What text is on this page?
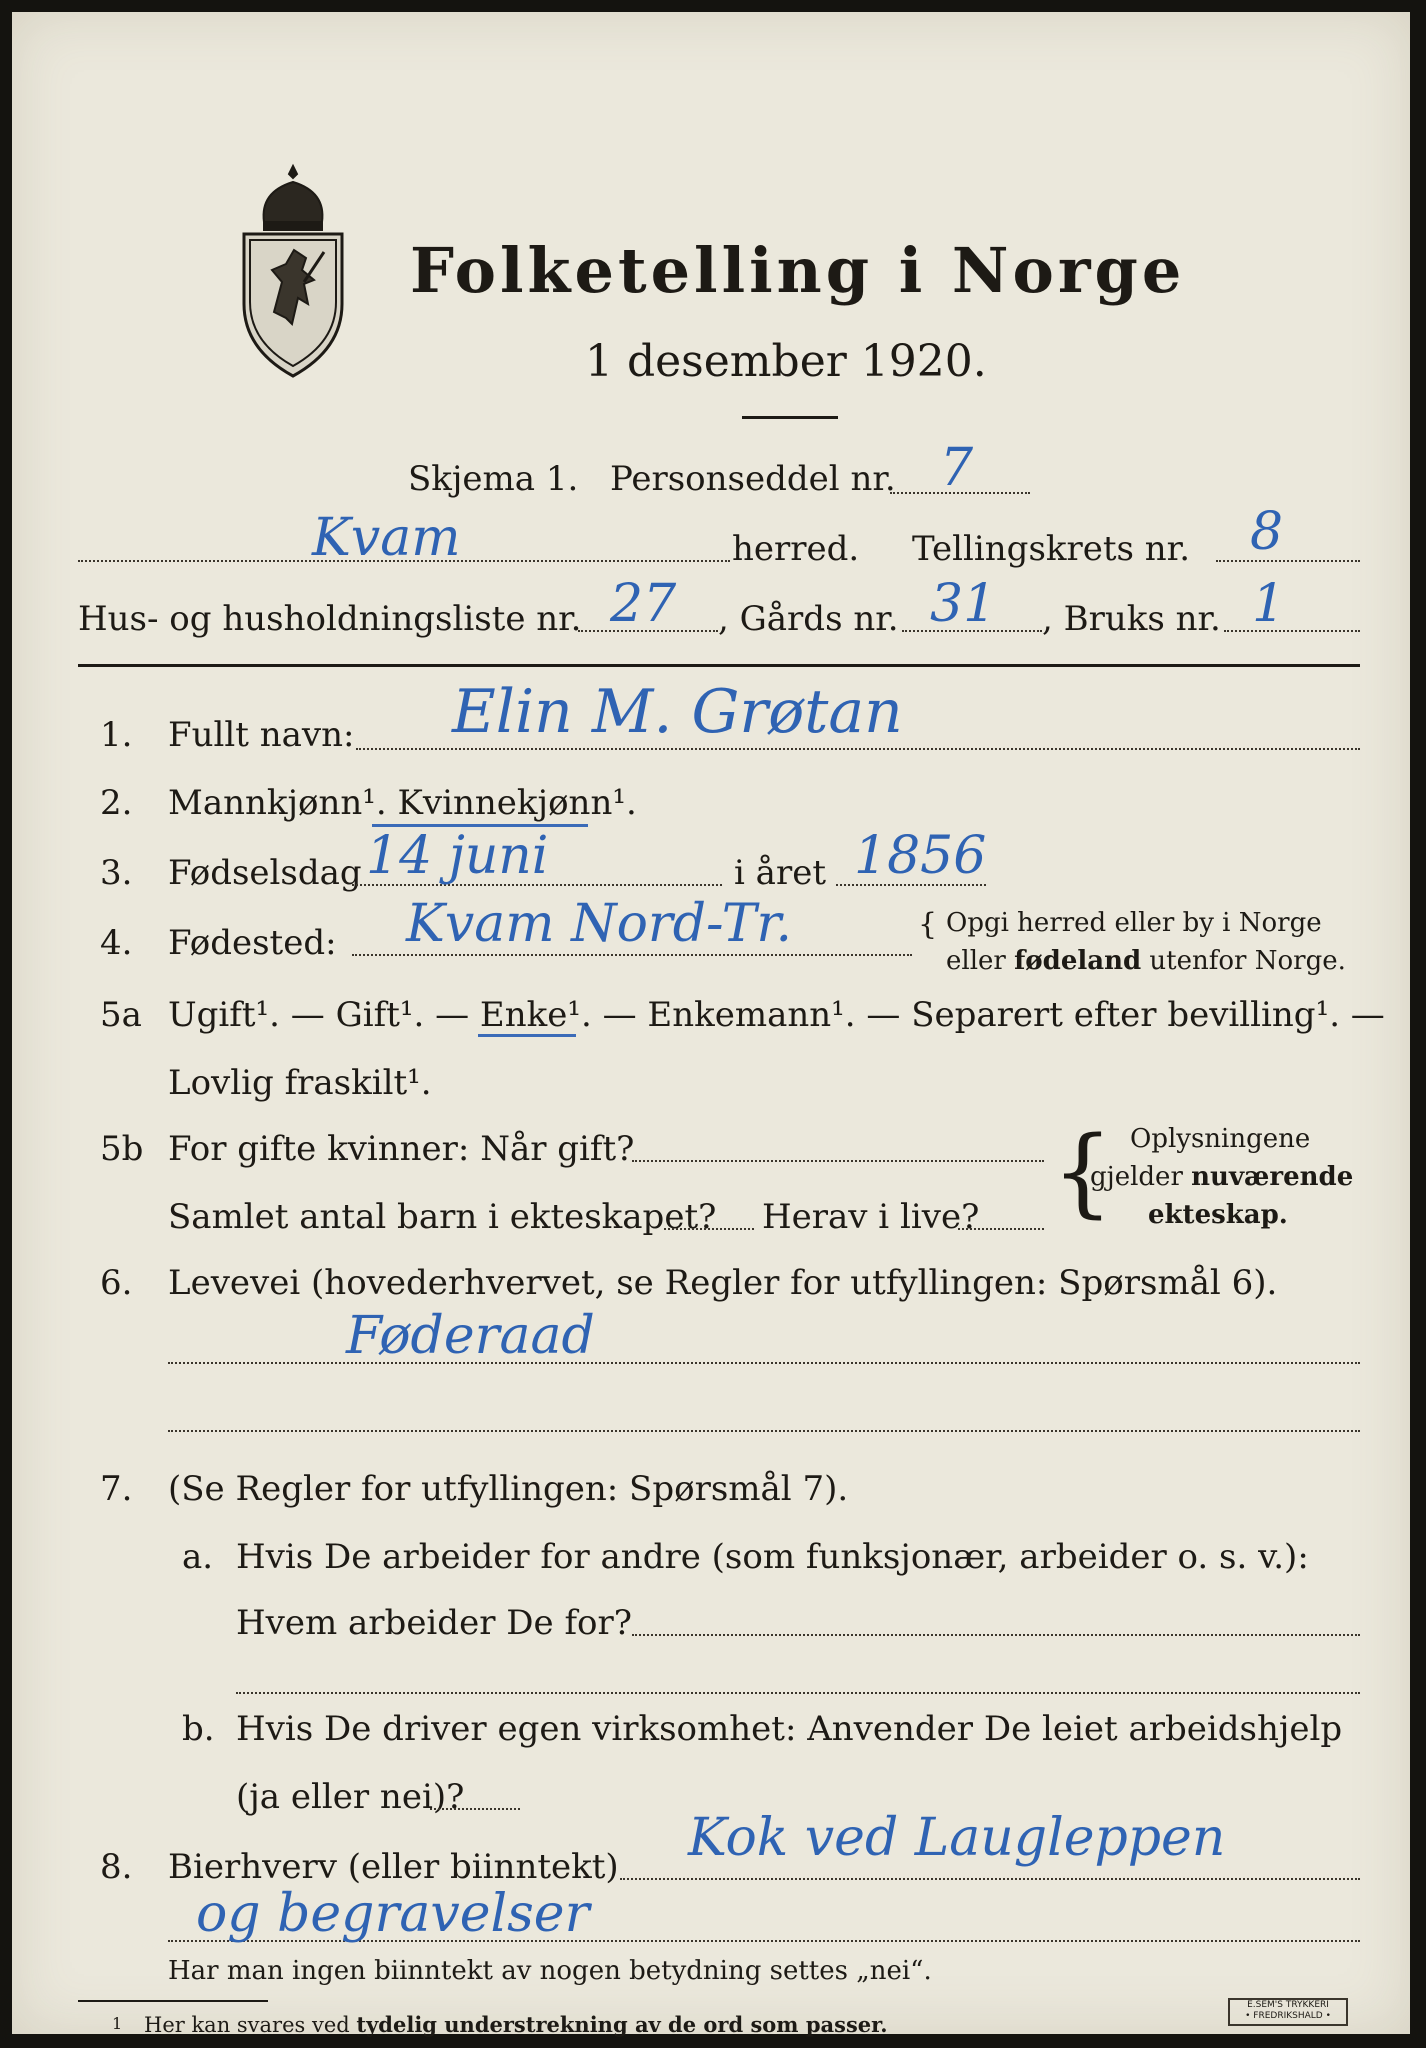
Folketelling i Norge
1 desember 1920.
Skjema 1. Personseddel nr. 7
Kvam	herred. Tellingskrets nr. 8
Hus- og husholdningsliste nr. 27 , Gårds nr. 31 , Bruks nr. 1
1. Fullt navn: Elin M. Grøtan
2. Mannkjønn¹. Kvinnekjønn¹.
3. Fødselsdag 14 juni	i året 1856
4. Fødested: Kvam Nord-Tr.	{ Opgi herred eller by i Norge
eller fødeland utenfor Norge.
5a Ugift¹. — Gift¹. — Enke¹. — Enkemann¹. — Separert efter bevilling¹. —
Lovlig fraskilt¹.
5b For gifte kvinner: Når gift?
Samlet antal barn i ekteskapet? Herav i live? { Oplysningene
gjelder nuværende
ekteskap.
6. Levevei (hovederhvervet, se Regler for utfyllingen: Spørsmål 6).
Føderaad
7. (Se Regler for utfyllingen: Spørsmål 7).
a. Hvis De arbeider for andre (som funksjonær, arbeider o. s. v.):
Hvem arbeider De for?
b. Hvis De driver egen virksomhet: Anvender De leiet arbeidshjelp
(ja eller nei)?
8. Bierhverv (eller biinntekt) Kok ved Laugleppen
og begravelser
Har man ingen biinntekt av nogen betydning settes „nei“.
1 Her kan svares ved tydelig understrekning av de ord som passer.
E.SEM'S TRYKKERI
• FREDRIKSHALD •
